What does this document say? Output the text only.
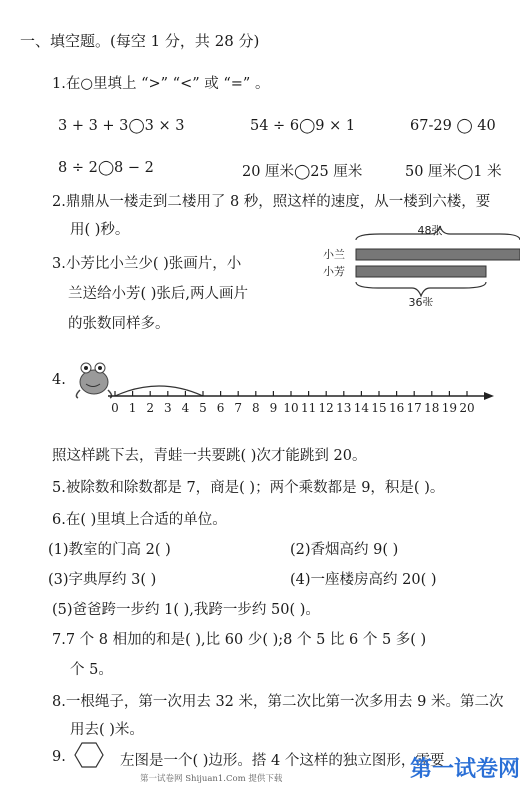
一、填空题。(每空 1 分，共 28 分)
1.在○里填上 “>” “<” 或 “=” 。
3 + 3 + 3◯3 × 3	54 ÷ 6◯9 × 1	67-29 ◯ 40
8 ÷ 2◯8 − 2	20 厘米◯25 厘米	50 厘米◯1 米
2.鼎鼎从一楼走到二楼用了 8 秒，照这样的速度，从一楼到六楼，要
用( )秒。
3.小芳比小兰少( )张画片，小
兰送给小芳( )张后,两人画片
的张数同样多。
48张
小兰
小芳
36张
4.
0 1 2 3 4 5 6 7 8 9 10 11 12 13 14 15 16 17 18 19 20
照这样跳下去，青蛙一共要跳( )次才能跳到 20。
5.被除数和除数都是 7，商是( )；两个乘数都是 9，积是( )。
6.在( )里填上合适的单位。
(1)教室的门高 2( )	(2)香烟高约 9( )
(3)字典厚约 3( )	(4)一座楼房高约 20( )
(5)爸爸跨一步约 1( ),我跨一步约 50( )。
7.7 个 8 相加的和是( ),比 60 少( );8 个 5 比 6 个 5 多( )
个 5。
8.一根绳子，第一次用去 32 米，第二次比第一次多用去 9 米。第二次
用去( )米。
9.	左图是一个( )边形。搭 4 个这样的独立图形，需要
第一试卷网 Shijuan1.Com 提供下载	第一试卷网
